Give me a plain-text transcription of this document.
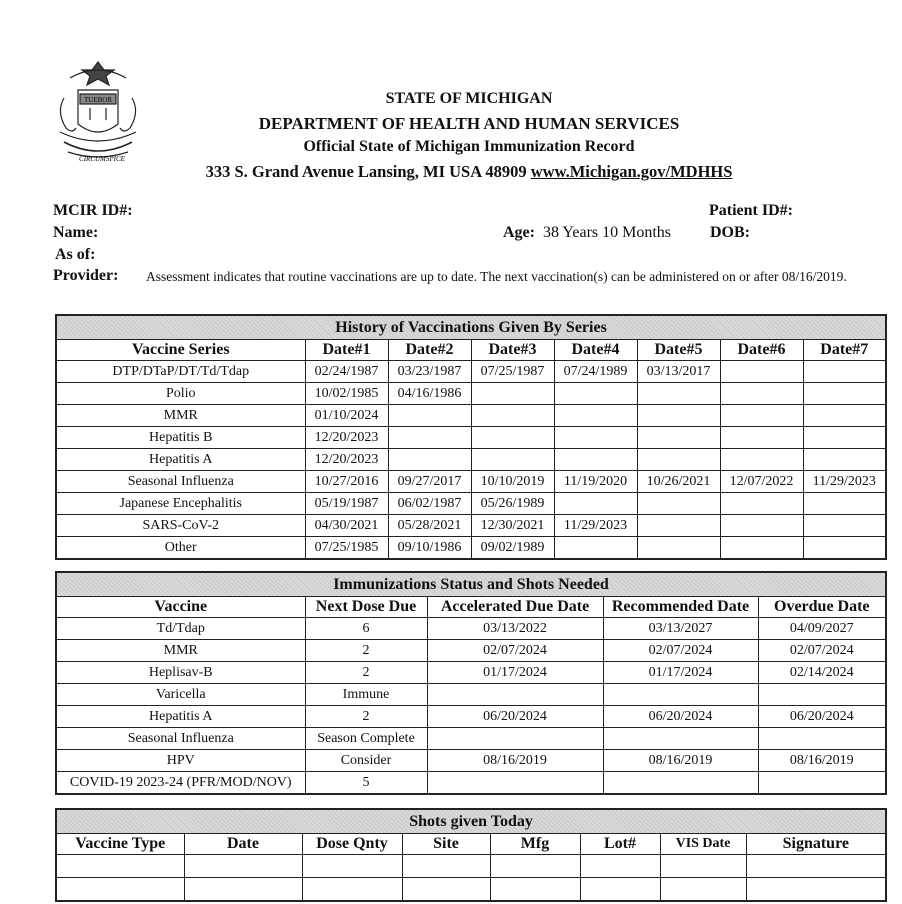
TUEBOR
CIRCUMSPICE
STATE OF MICHIGAN
DEPARTMENT OF HEALTH AND HUMAN SERVICES
Official State of Michigan Immunization Record
333 S. Grand Avenue Lansing, MI USA 48909 www.Michigan.gov/MDHHS
MCIR ID#:	Patient ID#:
Name:	Age: 38 Years 10 Months DOB:
As of:
Provider: Assessment indicates that routine vaccinations are up to date. The next vaccination(s) can be administered on or after 08/16/2019.
History of Vaccinations Given By Series							
Vaccine Series	Date#1	Date#2	Date#3	Date#4	Date#5	Date#6	Date#7
DTP/DTaP/DT/Td/Tdap	02/24/1987	03/23/1987	07/25/1987	07/24/1989	03/13/2017		
Polio	10/02/1985	04/16/1986					
MMR	01/10/2024						
Hepatitis B	12/20/2023						
Hepatitis A	12/20/2023						
Seasonal Influenza	10/27/2016	09/27/2017	10/10/2019	11/19/2020	10/26/2021	12/07/2022	11/29/2023
Japanese Encephalitis	05/19/1987	06/02/1987	05/26/1989				
SARS-CoV-2	04/30/2021	05/28/2021	12/30/2021	11/29/2023			
Other	07/25/1985	09/10/1986	09/02/1989				
Immunizations Status and Shots Needed				
Vaccine	Next Dose Due	Accelerated Due Date	Recommended Date	Overdue Date
Td/Tdap	6	03/13/2022	03/13/2027	04/09/2027
MMR	2	02/07/2024	02/07/2024	02/07/2024
Heplisav-B	2	01/17/2024	01/17/2024	02/14/2024
Varicella	Immune			
Hepatitis A	2	06/20/2024	06/20/2024	06/20/2024
Seasonal Influenza	Season Complete			
HPV	Consider	08/16/2019	08/16/2019	08/16/2019
COVID-19 2023-24 (PFR/MOD/NOV)	5			
Shots given Today							
Vaccine Type	Date	Dose Qnty	Site	Mfg	Lot#	VIS Date	Signature
